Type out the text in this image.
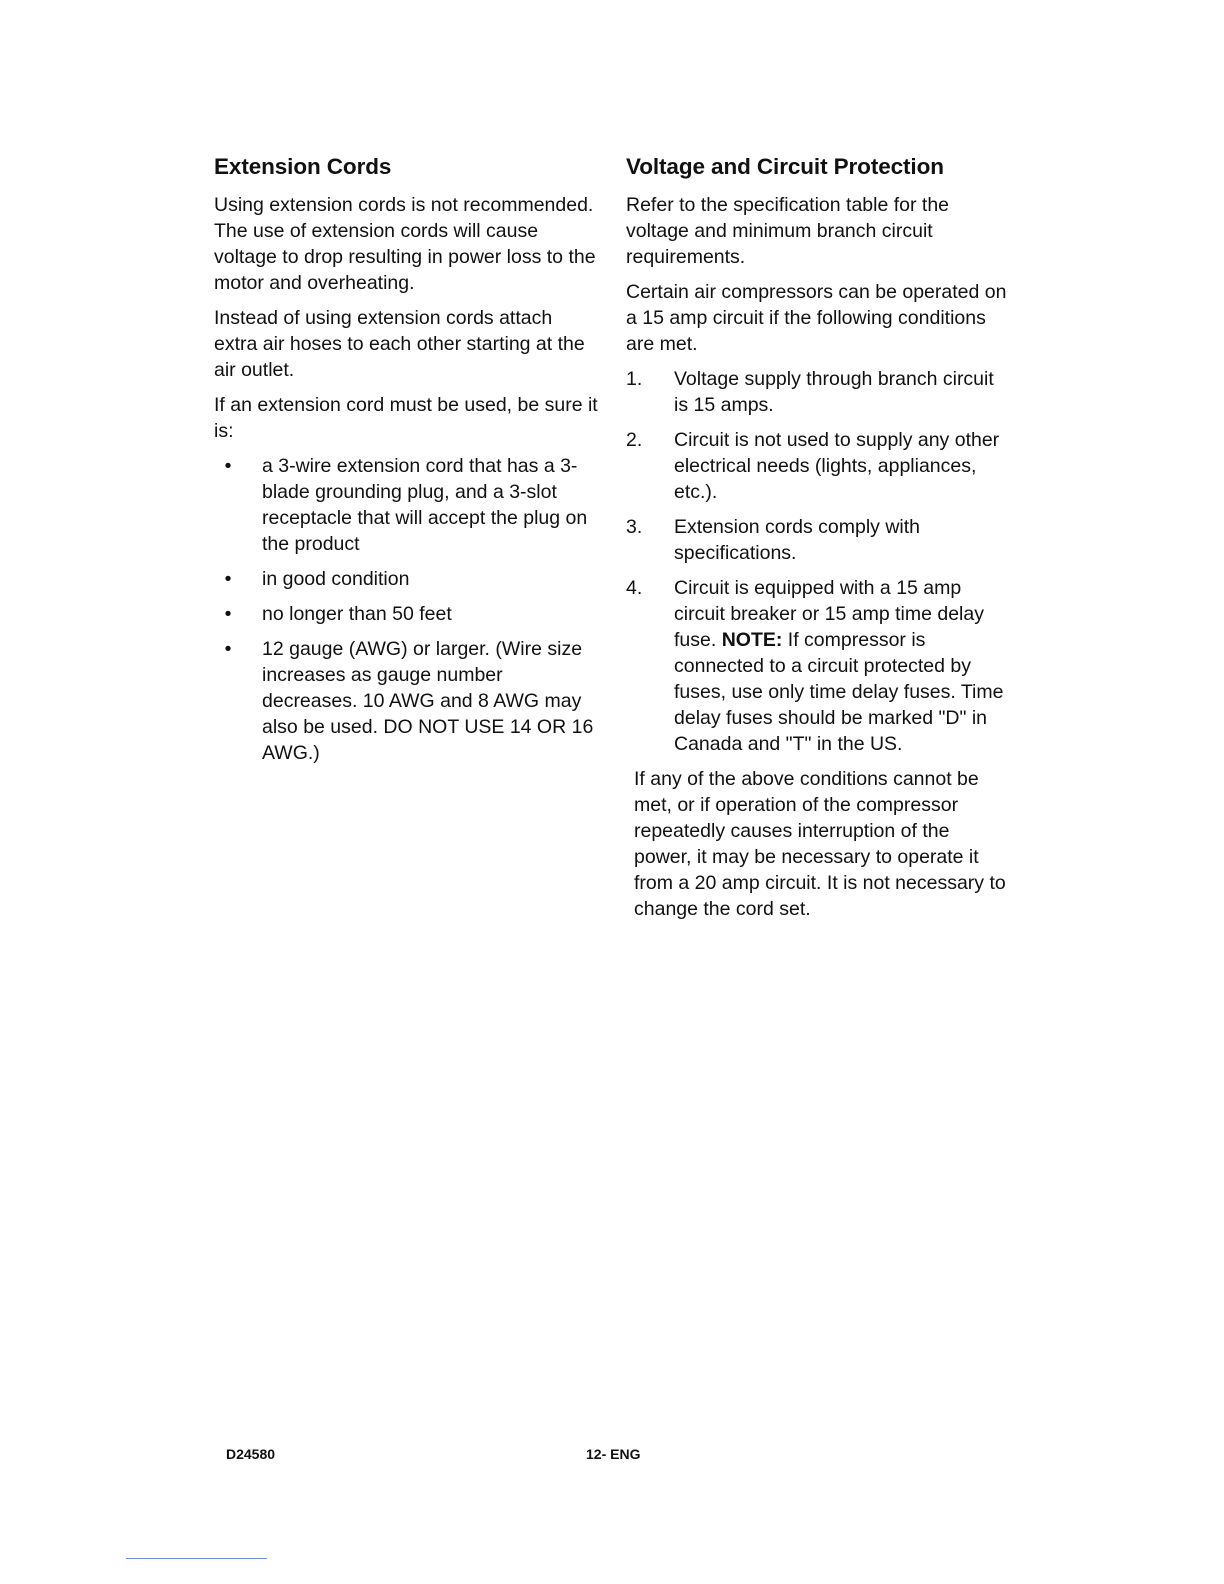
Extension Cords

Using extension cords is not recommended. The use of extension cords will cause voltage to drop resulting in power loss to the motor and overheating.

Instead of using extension cords attach extra air hoses to each other starting at the air outlet.

If an extension cord must be used, be sure it is:

• a 3-wire extension cord that has a 3-blade grounding plug, and a 3-slot receptacle that will accept the plug on the product
• in good condition
• no longer than 50 feet
• 12 gauge (AWG) or larger. (Wire size increases as gauge number decreases. 10 AWG and 8 AWG may also be used. DO NOT USE 14 OR 16 AWG.)
Voltage and Circuit Protection

Refer to the specification table for the voltage and minimum branch circuit requirements.

Certain air compressors can be operated on a 15 amp circuit if the following conditions are met.

1. Voltage supply through branch circuit is 15 amps.
2. Circuit is not used to supply any other electrical needs (lights, appliances, etc.).
3. Extension cords comply with specifications.
4. Circuit is equipped with a 15 amp circuit breaker or 15 amp time delay fuse. NOTE: If compressor is connected to a circuit protected by fuses, use only time delay fuses. Time delay fuses should be marked "D" in Canada and "T" in the US.

If any of the above conditions cannot be met, or if operation of the compressor repeatedly causes interruption of the power, it may be necessary to operate it from a 20 amp circuit. It is not necessary to change the cord set.

D24580	12- ENG
